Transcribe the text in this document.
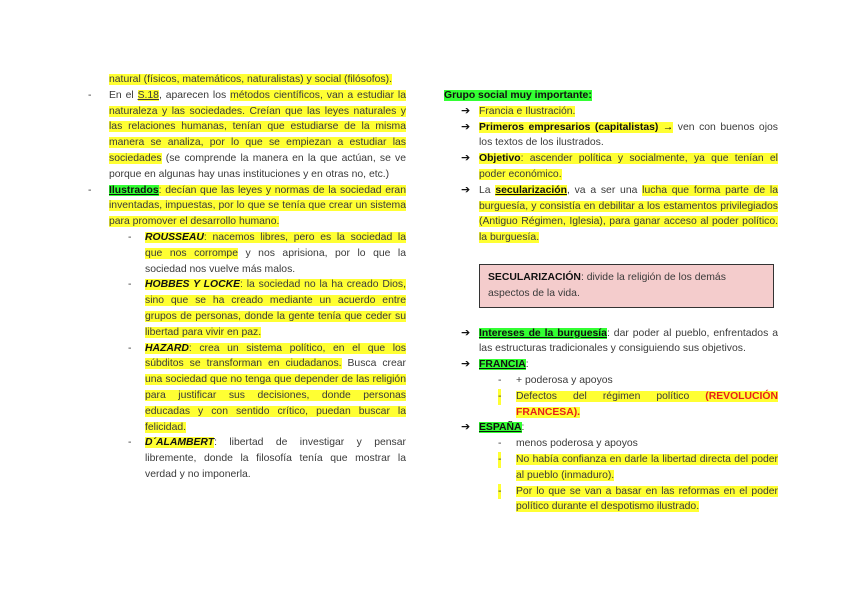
natural (físicos, matemáticos, naturalistas) y social (filósofos).

- En el S.18, aparecen los métodos científicos, van a estudiar la naturaleza y las sociedades. Creían que las leyes naturales y las relaciones humanas, tenían que estudiarse de la misma manera se analiza, por lo que se empiezan a estudiar las sociedades (se comprende la manera en la que actúan, se ve porque en algunas hay unas instituciones y en otras no, etc.)
- Ilustrados: decían que las leyes y normas de la sociedad eran inventadas, impuestas, por lo que se tenía que crear un sistema para promover el desarrollo humano.
- ROUSSEAU: nacemos libres, pero es la sociedad la que nos corrompe y nos aprisiona, por lo que la sociedad nos vuelve más malos.
- HOBBES Y LOCKE: la sociedad no la ha creado Dios, sino que se ha creado mediante un acuerdo entre grupos de personas, donde la gente tenía que ceder su libertad para vivir en paz.
- HAZARD: crea un sistema político, en el que los súbditos se transforman en ciudadanos. Busca crear una sociedad que no tenga que depender de las religión para justificar sus decisiones, donde personas educadas y con sentido crítico, puedan buscar la felicidad.
- D´ALAMBERT: libertad de investigar y pensar libremente, donde la filosofía tenía que mostrar la verdad y no imponerla.

Grupo social muy importante:

➔ Francia e Ilustración.
➔ Primeros empresarios (capitalistas) → ven con buenos ojos los textos de los ilustrados.
➔ Objetivo: ascender política y socialmente, ya que tenían el poder económico.
➔ La secularización, va a ser una lucha que forma parte de la burguesía, y consistía en debilitar a los estamentos privilegiados (Antiguo Régimen, Iglesia), para ganar acceso al poder político. la burguesía.
SECULARIZACIÓN: divide la religión de los demás aspectos de la vida.
➔ Intereses de la burguesía: dar poder al pueblo, enfrentados a las estructuras tradicionales y consiguiendo sus objetivos.
➔ FRANCIA:
- + poderosa y apoyos
- Defectos del régimen político (REVOLUCIÓN FRANCESA).
➔ ESPAÑA:
- menos poderosa y apoyos
- No había confianza en darle la libertad directa del poder al pueblo (inmaduro).
- Por lo que se van a basar en las reformas en el poder político durante el despotismo ilustrado.
